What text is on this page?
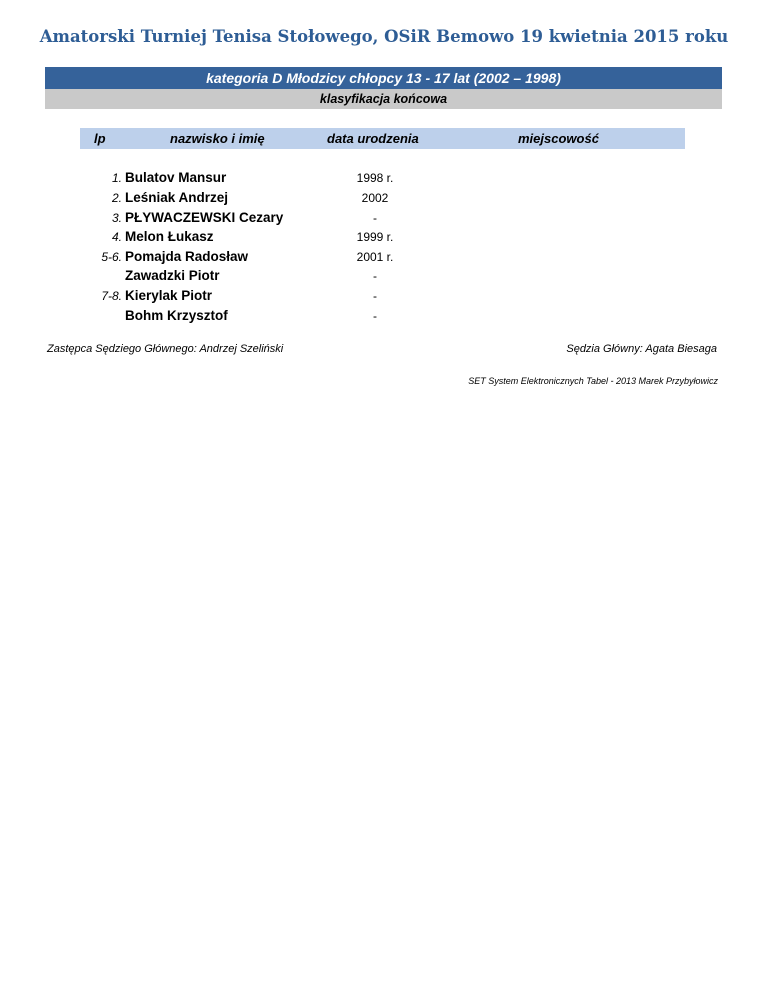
Amatorski Turniej Tenisa Stołowego, OSiR Bemowo 19 kwietnia 2015 roku
kategoria D Młodzicy chłopcy 13 - 17 lat (2002 – 1998)
klasyfikacja końcowa
lp	nazwisko i imię	data urodzenia	miejscowość
1. Bulatov Mansur	1998 r.
2. Leśniak Andrzej	2002
3. PŁYWACZEWSKI Cezary	-
4. Melon Łukasz	1999 r.
5-6. Pomajda Radosław	2001 r.
Zawadzki Piotr	-
7-8. Kierylak Piotr	-
Bohm Krzysztof	-
Zastępca Sędziego Głównego: Andrzej Szeliński	Sędzia Główny: Agata Biesaga
SET System Elektronicznych Tabel - 2013 Marek Przybyłowicz
